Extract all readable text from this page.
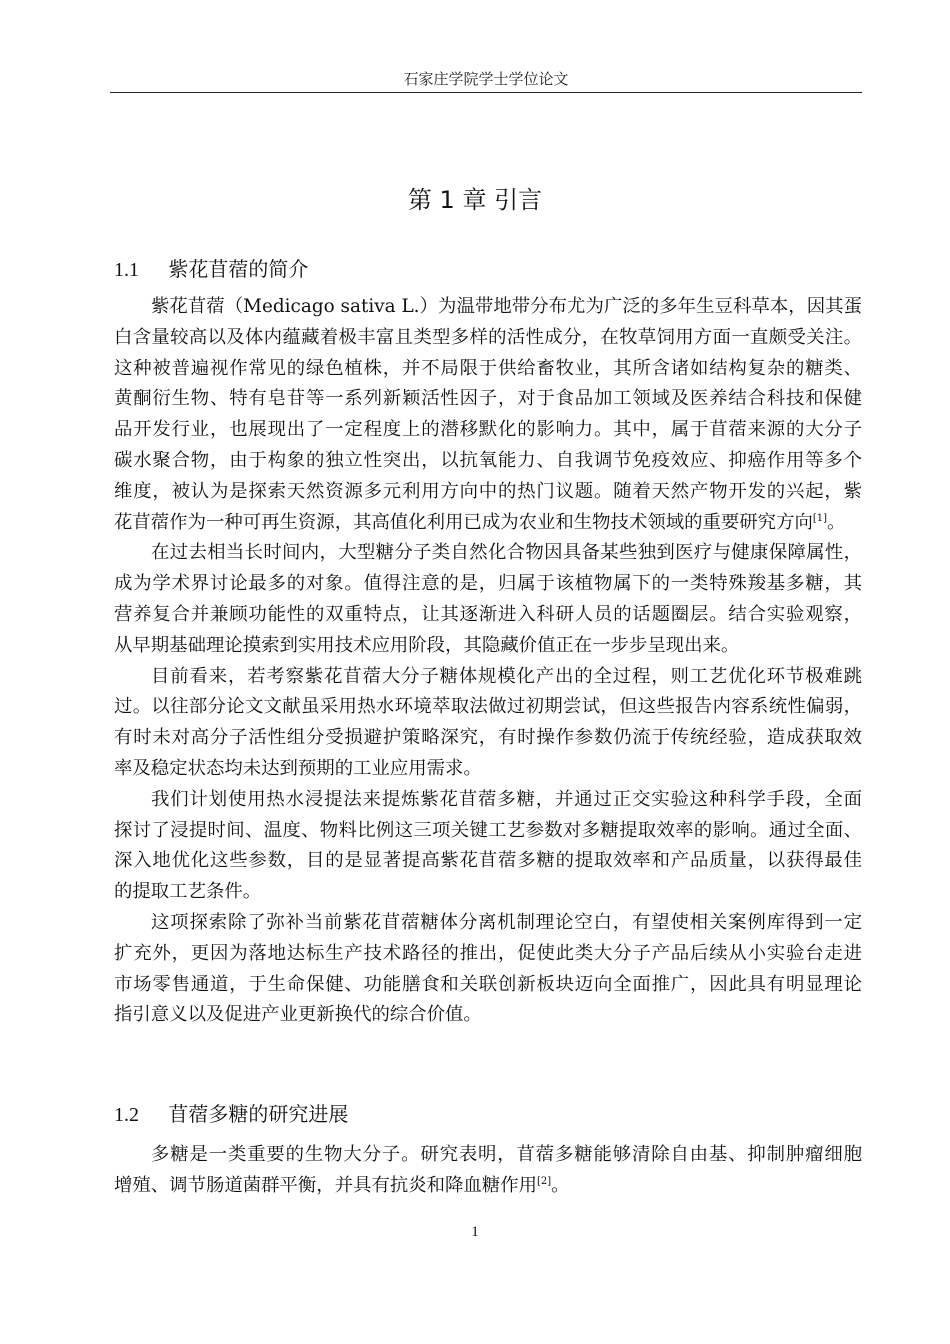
石家庄学院学士学位论文
第 1 章 引言
1.1 紫花苜蓿的简介
紫花苜蓿（Medicago sativa L.）为温带地带分布尤为广泛的多年生豆科草本，因其蛋
白含量较高以及体内蕴藏着极丰富且类型多样的活性成分，在牧草饲用方面一直颇受关注。
这种被普遍视作常见的绿色植株，并不局限于供给畜牧业，其所含诸如结构复杂的糖类、
黄酮衍生物、特有皂苷等一系列新颖活性因子，对于食品加工领域及医养结合科技和保健
品开发行业，也展现出了一定程度上的潜移默化的影响力。其中，属于苜蓿来源的大分子
碳水聚合物，由于构象的独立性突出，以抗氧能力、自我调节免疫效应、抑癌作用等多个
维度，被认为是探索天然资源多元利用方向中的热门议题。随着天然产物开发的兴起，紫
花苜蓿作为一种可再生资源，其高值化利用已成为农业和生物技术领域的重要研究方向[1]。
在过去相当长时间内，大型糖分子类自然化合物因具备某些独到医疗与健康保障属性，
成为学术界讨论最多的对象。值得注意的是，归属于该植物属下的一类特殊羧基多糖，其
营养复合并兼顾功能性的双重特点，让其逐渐进入科研人员的话题圈层。结合实验观察，
从早期基础理论摸索到实用技术应用阶段，其隐藏价值正在一步步呈现出来。
目前看来，若考察紫花苜蓿大分子糖体规模化产出的全过程，则工艺优化环节极难跳
过。以往部分论文文献虽采用热水环境萃取法做过初期尝试，但这些报告内容系统性偏弱，
有时未对高分子活性组分受损避护策略深究，有时操作参数仍流于传统经验，造成获取效
率及稳定状态均未达到预期的工业应用需求。
我们计划使用热水浸提法来提炼紫花苜蓿多糖，并通过正交实验这种科学手段，全面
探讨了浸提时间、温度、物料比例这三项关键工艺参数对多糖提取效率的影响。通过全面、
深入地优化这些参数，目的是显著提高紫花苜蓿多糖的提取效率和产品质量，以获得最佳
的提取工艺条件。
这项探索除了弥补当前紫花苜蓿糖体分离机制理论空白，有望使相关案例库得到一定
扩充外，更因为落地达标生产技术路径的推出，促使此类大分子产品后续从小实验台走进
市场零售通道，于生命保健、功能膳食和关联创新板块迈向全面推广，因此具有明显理论
指引意义以及促进产业更新换代的综合价值。
1.2 苜蓿多糖的研究进展
多糖是一类重要的生物大分子。研究表明，苜蓿多糖能够清除自由基、抑制肿瘤细胞
增殖、调节肠道菌群平衡，并具有抗炎和降血糖作用[2]。
1
